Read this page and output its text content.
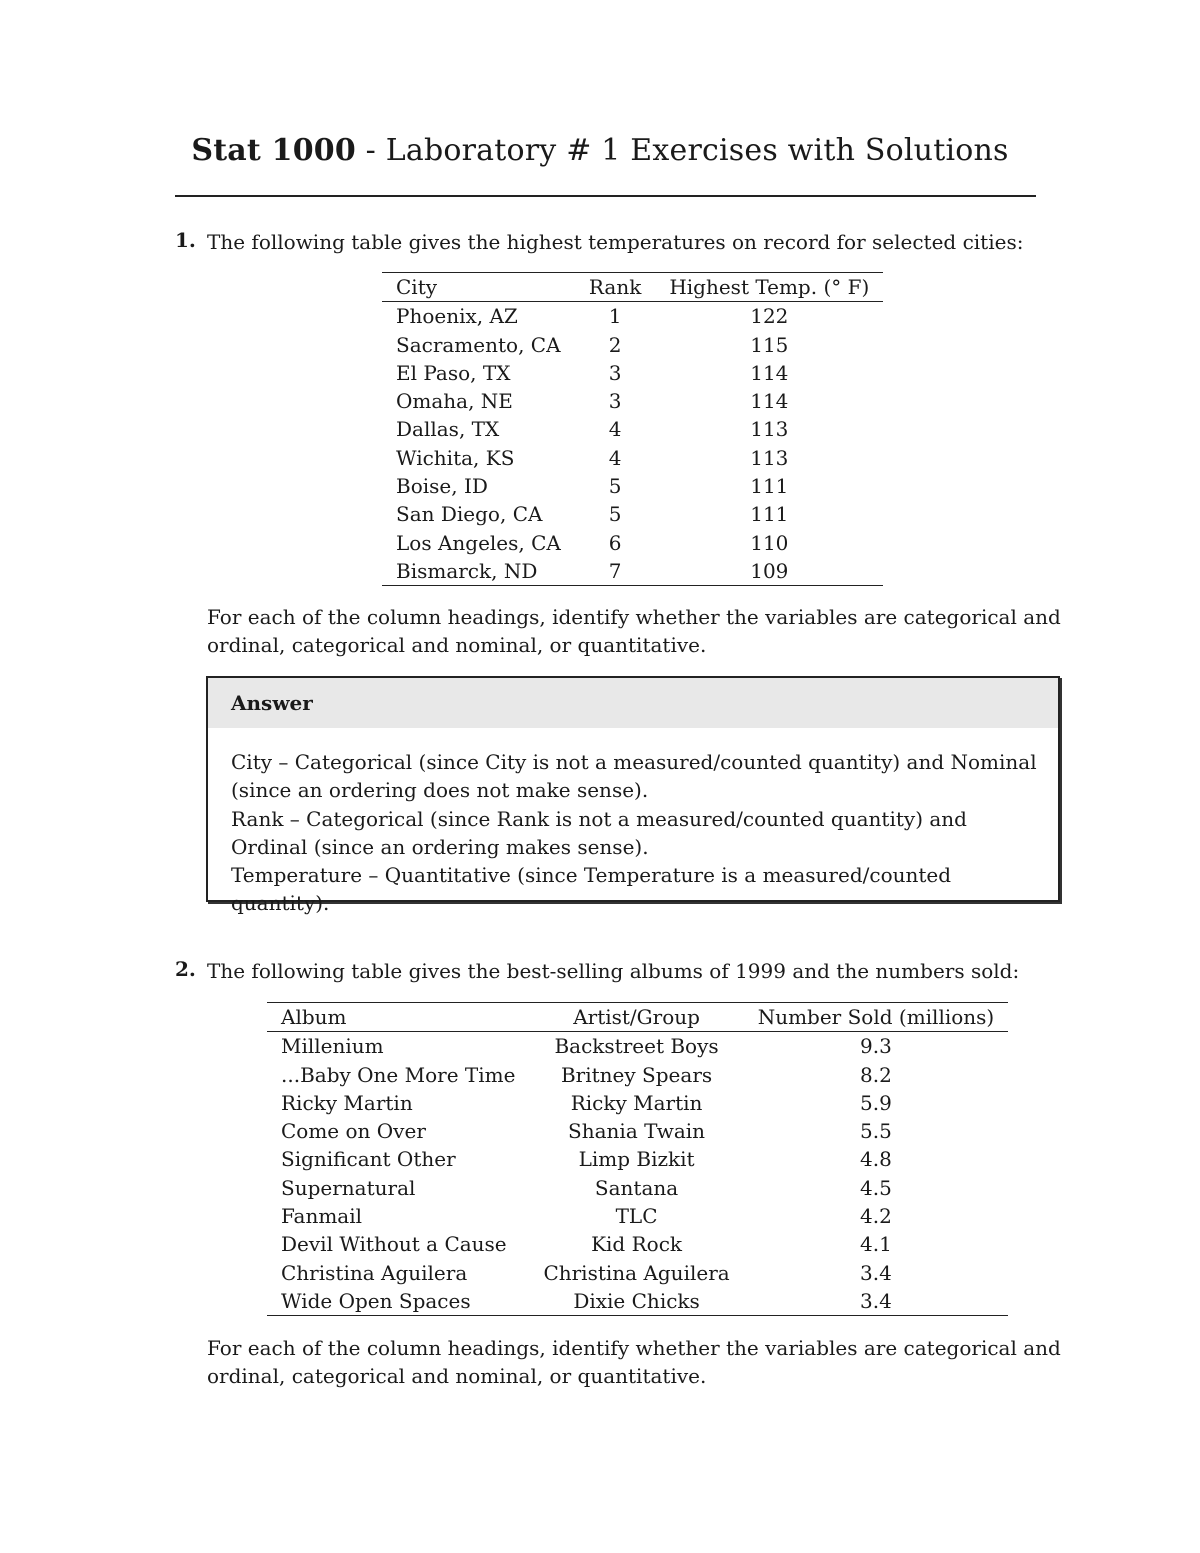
Stat 1000 - Laboratory # 1 Exercises with Solutions
1. The following table gives the highest temperatures on record for selected cities:
City	Rank	Highest Temp. (° F)
Phoenix, AZ	1	122
Sacramento, CA	2	115
El Paso, TX	3	114
Omaha, NE	3	114
Dallas, TX	4	113
Wichita, KS	4	113
Boise, ID	5	111
San Diego, CA	5	111
Los Angeles, CA	6	110
Bismarck, ND	7	109
For each of the column headings, identify whether the variables are categorical and ordinal, categorical and nominal, or quantitative.
Answer
City – Categorical (since City is not a measured/counted quantity) and Nominal (since an ordering does not make sense).
Rank – Categorical (since Rank is not a measured/counted quantity) and Ordinal (since an ordering makes sense).
Temperature – Quantitative (since Temperature is a measured/counted quantity).
2. The following table gives the best-selling albums of 1999 and the numbers sold:
Album	Artist/Group	Number Sold (millions)
Millenium	Backstreet Boys	9.3
...Baby One More Time	Britney Spears	8.2
Ricky Martin	Ricky Martin	5.9
Come on Over	Shania Twain	5.5
Significant Other	Limp Bizkit	4.8
Supernatural	Santana	4.5
Fanmail	TLC	4.2
Devil Without a Cause	Kid Rock	4.1
Christina Aguilera	Christina Aguilera	3.4
Wide Open Spaces	Dixie Chicks	3.4
For each of the column headings, identify whether the variables are categorical and ordinal, categorical and nominal, or quantitative.
